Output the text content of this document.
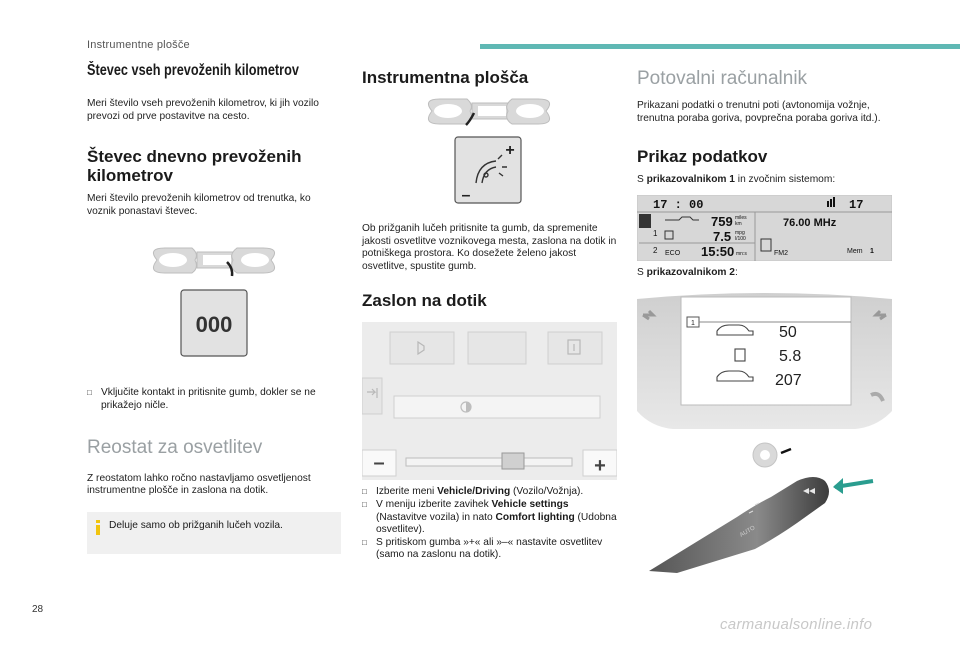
Instrumentne plošče
Števec vseh prevoženih kilometrov

Meri število vseh prevoženih kilometrov, ki jih vozilo prevozi od prve postavitve na cesto.

Števec dnevno prevoženih kilometrov

Meri število prevoženih kilometrov od trenutka, ko voznik ponastavi števec.

000
□ Vključite kontakt in pritisnite gumb, dokler se ne prikažejo ničle.
Reostat za osvetlitev

Z reostatom lahko ročno nastavljamo osvetljenost instrumentne plošče in zaslona na dotik.

Deluje samo ob prižganih lučeh vozila.
Instrumentna plošča
+
–

Ob prižganih lučeh pritisnite ta gumb, da spremenite jakosti osvetlitve voznikovega mesta, zaslona na dotik in potniškega prostora. Ko dosežete želeno jakost osvetlitve, spustite gumb.

Zaslon na dotik
–	+
□ Izberite meni Vehicle/Driving (Vozilo/Vožnja).
□ V meniju izberite zavihek Vehicle settings (Nastavitve vozila) in nato Comfort lighting (Udobna osvetlitev).
□ S pritiskom gumba »+« ali »–« nastavite osvetlitev (samo na zaslonu na dotik).
Potovalni računalnik

Prikazani podatki o trenutni poti (avtonomija vožnje, trenutna poraba goriva, povprečna poraba goriva itd.).

Prikaz podatkov

S prikazovalnikom 1 in zvočnim sistemom:

17 : 00	17
1
2
759 miles
km
7.5 mpg
l/100
ECO 15:50 mn:s
76.00 MHz
FM2	Mem 1

S prikazovalnikom 2:

1
50
5.8
207
AUTO
28
carmanualsonline.info
